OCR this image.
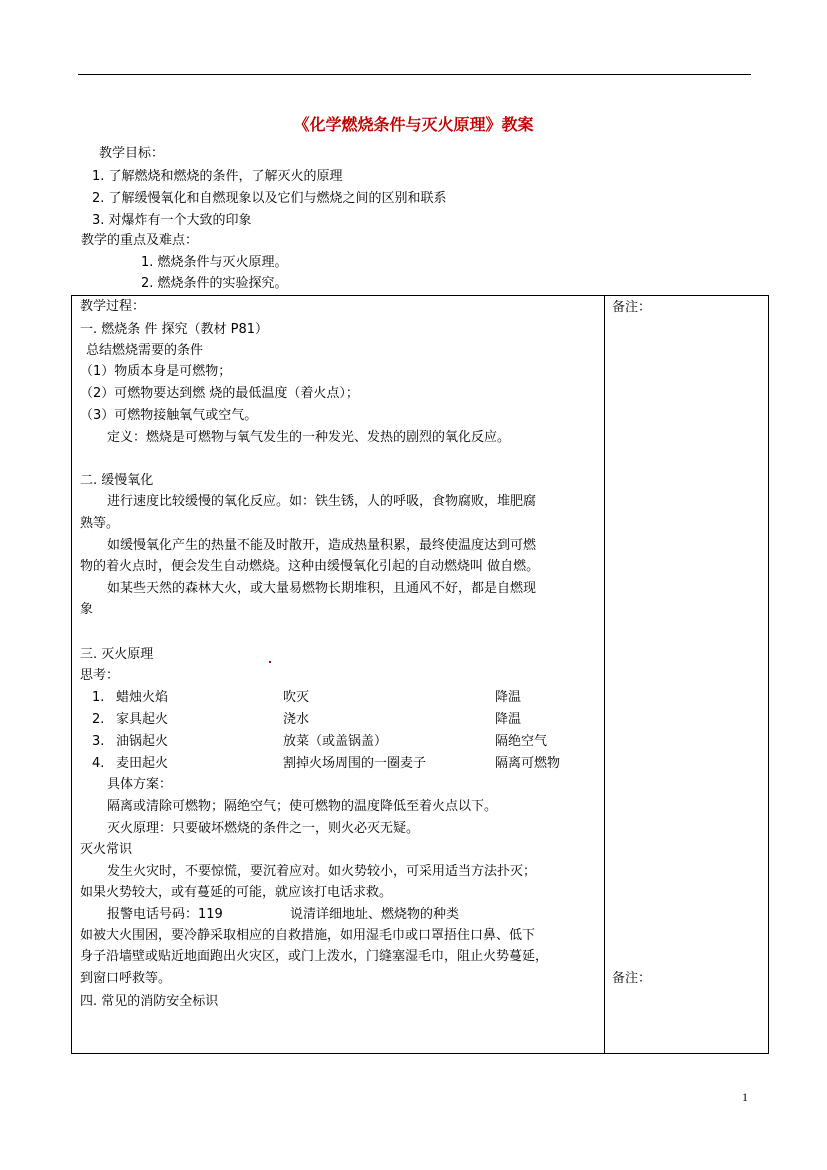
《化学燃烧条件与灭火原理》教案
教学目标：
1. 了解燃烧和燃烧的条件，了解灭火的原理
2. 了解缓慢氧化和自燃现象以及它们与燃烧之间的区别和联系
3. 对爆炸有一个大致的印象
教学的重点及难点：
1. 燃烧条件与灭火原理。
2. 燃烧条件的实验探究。
备注：
备注：
教学过程：
一. 燃烧条 件 探究（教材 P81）
总结燃烧需要的条件
（1）物质本身是可燃物；
（2）可燃物要达到燃 烧的最低温度（着火点）；
（3）可燃物接触氧气或空气。
定义：燃烧是可燃物与氧气发生的一种发光、发热的剧烈的氧化反应。
二. 缓慢氧化
进行速度比较缓慢的氧化反应。如：铁生锈，人的呼吸，食物腐败，堆肥腐
熟等。
如缓慢氧化产生的热量不能及时散开，造成热量积累，最终使温度达到可燃
物的着火点时，便会发生自动燃烧。这种由缓慢氧化引起的自动燃烧叫 做自燃。
如某些天然的森林大火，或大量易燃物长期堆积，且通风不好，都是自燃现
象
三. 灭火原理
思考：
1. 蜡烛火焰	吹灭	降温
2. 家具起火	浇水	降温
3. 油锅起火	放菜（或盖锅盖）	隔绝空气
4. 麦田起火	割掉火场周围的一圈麦子	隔离可燃物
具体方案：
隔离或清除可燃物；隔绝空气；使可燃物的温度降低至着火点以下。
灭火原理：只要破坏燃烧的条件之一，则火必灭无疑。
灭火常识
发生火灾时，不要惊慌，要沉着应对。如火势较小，可采用适当方法扑灭；
如果火势较大，或有蔓延的可能，就应该打电话求救。
报警电话号码：119	说清详细地址、燃烧物的种类
如被大火围困，要冷静采取相应的自救措施，如用湿毛巾或口罩捂住口鼻、低下
身子沿墙壁或贴近地面跑出火灾区，或门上泼水，门缝塞湿毛巾，阻止火势蔓延，
到窗口呼救等。
四. 常见的消防安全标识
1
